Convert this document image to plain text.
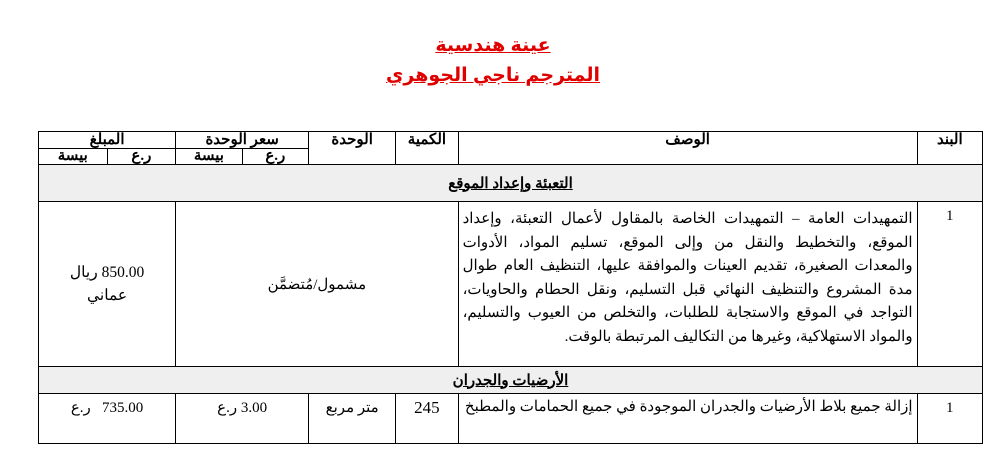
عينة هندسية
المترجم ناجي الجوهري
البند	الوصف	الكمية	الوحدة	سعر الوحدة		المبلغ	
				ر.ع	بيسة	ر.ع	بيسة
التعبئة وإعداد الموقع							
1	التمهيدات العامة – التمهيدات الخاصة بالمقاول لأعمال التعبئة، وإعداد الموقع، والتخطيط والنقل من وإلى الموقع، تسليم المواد، الأدوات والمعدات الصغيرة، تقديم العينات والموافقة عليها، التنظيف العام طوال مدة المشروع والتنظيف النهائي قبل التسليم، ونقل الحطام والحاويات، التواجد في الموقع والاستجابة للطلبات، والتخلص من العيوب والتسليم، والمواد الاستهلاكية، وغيرها من التكاليف المرتبطة بالوقت.	مشمول/مُتضمَّن				850.00 ريال عماني	
الأرضيات والجدران							
1	إزالة جميع بلاط الأرضيات والجدران الموجودة في جميع الحمامات والمطبخ	245	متر مربع	3.00 ر.ع		735.00   ر.ع	
